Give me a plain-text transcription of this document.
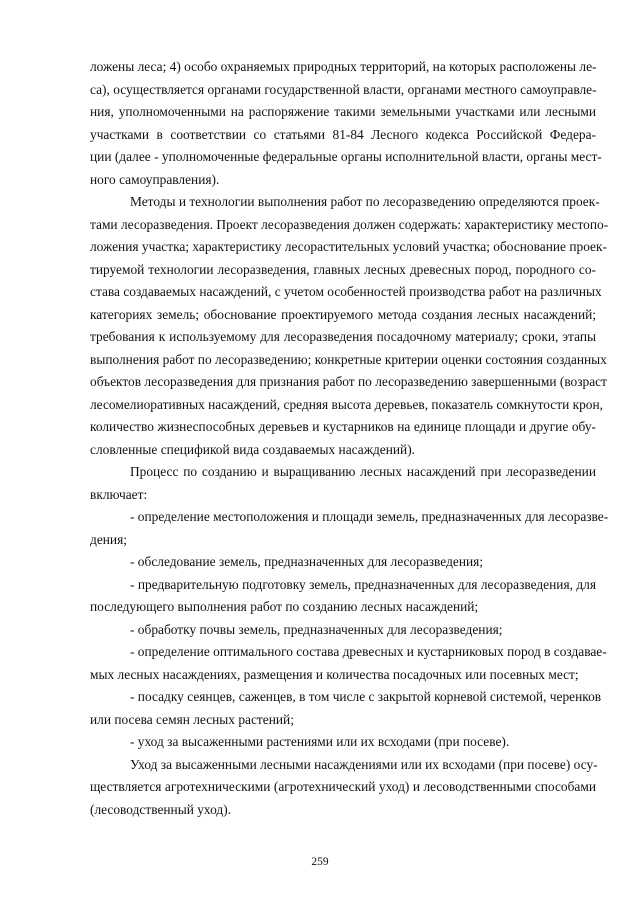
ложены леса; 4) особо охраняемых природных территорий, на которых расположены ле-
са), осуществляется органами государственной власти, органами местного самоуправле-
ния, уполномоченными на распоряжение такими земельными участками или лесными
участками в соответствии со статьями 81-84 Лесного кодекса Российской Федера-
ции (далее - уполномоченные федеральные органы исполнительной власти, органы мест-
ного самоуправления).
Методы и технологии выполнения работ по лесоразведению определяются проек-
тами лесоразведения. Проект лесоразведения должен содержать: характеристику местопо-
ложения участка; характеристику лесорастительных условий участка; обоснование проек-
тируемой технологии лесоразведения, главных лесных древесных пород, породного со-
става создаваемых насаждений, с учетом особенностей производства работ на различных
категориях земель; обоснование проектируемого метода создания лесных насаждений;
требования к используемому для лесоразведения посадочному материалу; сроки, этапы
выполнения работ по лесоразведению; конкретные критерии оценки состояния созданных
объектов лесоразведения для признания работ по лесоразведению завершенными (возраст
лесомелиоративных насаждений, средняя высота деревьев, показатель сомкнутости крон,
количество жизнеспособных деревьев и кустарников на единице площади и другие обу-
словленные спецификой вида создаваемых насаждений).
Процесс по созданию и выращиванию лесных насаждений при лесоразведении
включает:
- определение местоположения и площади земель, предназначенных для лесоразве-
дения;
- обследование земель, предназначенных для лесоразведения;
- предварительную подготовку земель, предназначенных для лесоразведения, для
последующего выполнения работ по созданию лесных насаждений;
- обработку почвы земель, предназначенных для лесоразведения;
- определение оптимального состава древесных и кустарниковых пород в создавае-
мых лесных насаждениях, размещения и количества посадочных или посевных мест;
- посадку сеянцев, саженцев, в том числе с закрытой корневой системой, черенков
или посева семян лесных растений;
- уход за высаженными растениями или их всходами (при посеве).
Уход за высаженными лесными насаждениями или их всходами (при посеве) осу-
ществляется агротехническими (агротехнический уход) и лесоводственными способами
(лесоводственный уход).
259
